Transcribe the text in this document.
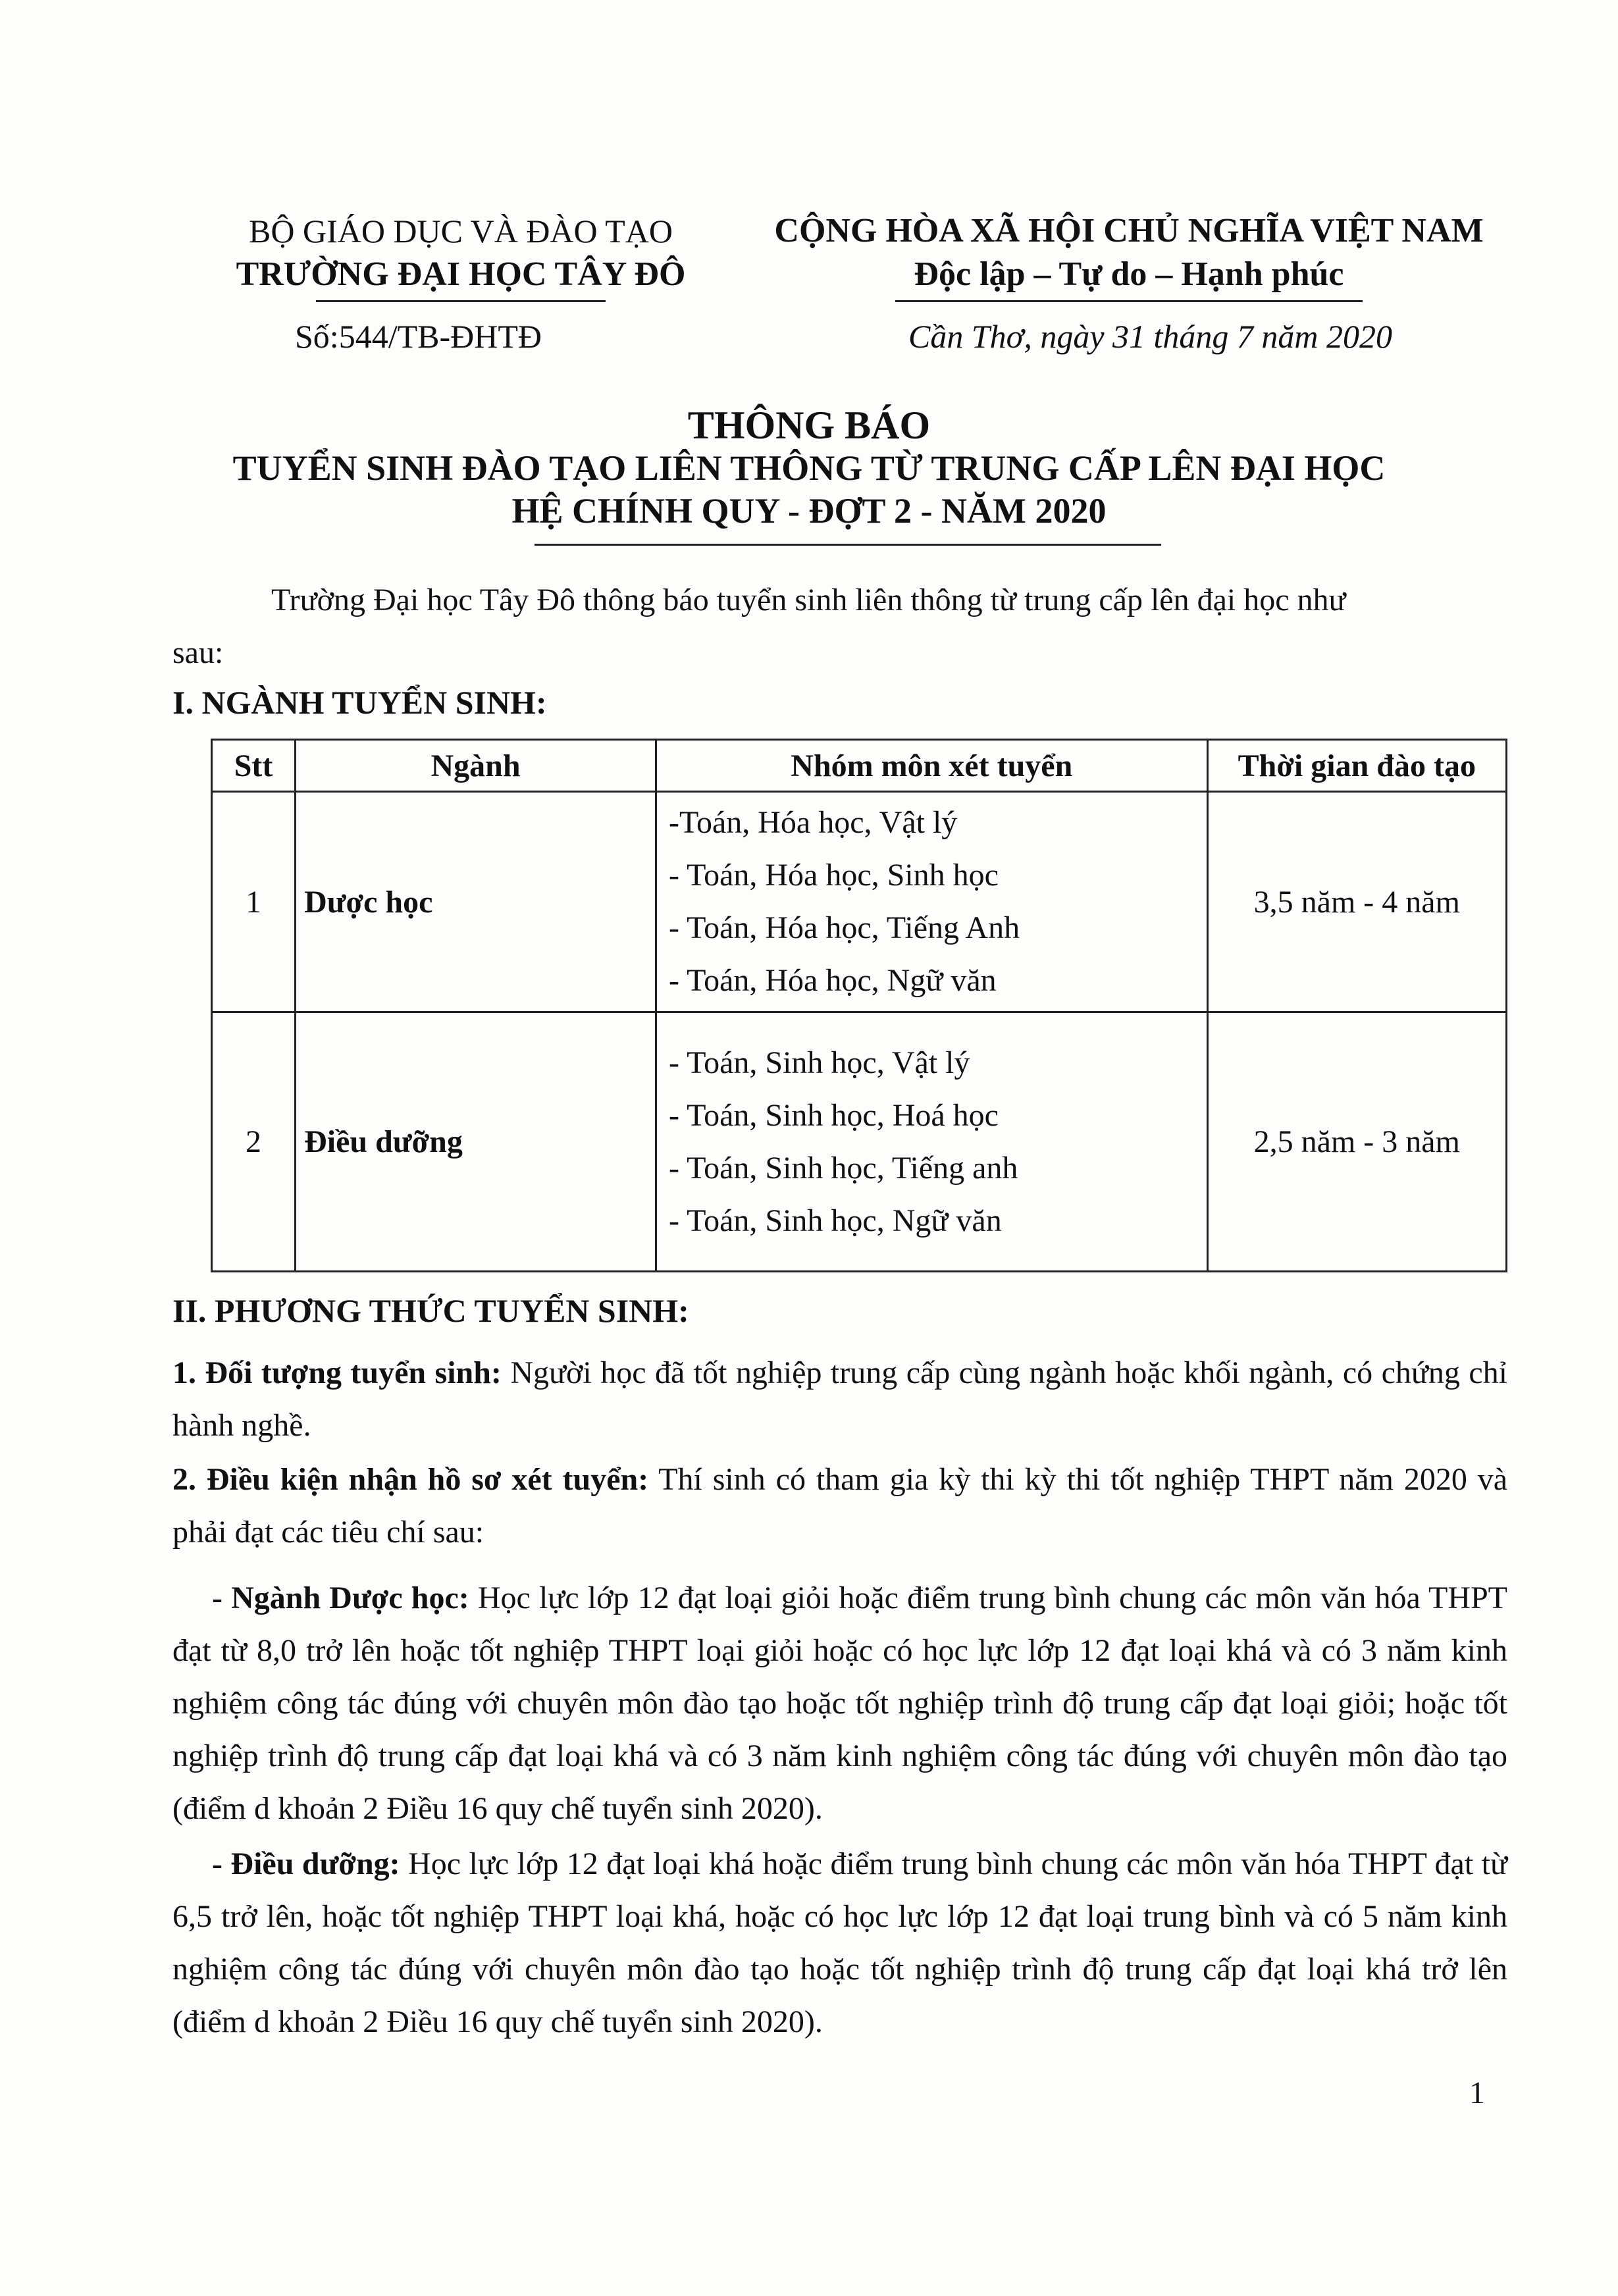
BỘ GIÁO DỤC VÀ ĐÀO TẠO
TRƯỜNG ĐẠI HỌC TÂY ĐÔ
CỘNG HÒA XÃ HỘI CHỦ NGHĨA VIỆT NAM
Độc lập – Tự do – Hạnh phúc
Số:544/TB-ĐHTĐ	Cần Thơ, ngày 31 tháng 7 năm 2020
THÔNG BÁO
TUYỂN SINH ĐÀO TẠO LIÊN THÔNG TỪ TRUNG CẤP LÊN ĐẠI HỌC
HỆ CHÍNH QUY - ĐỢT 2 - NĂM 2020
Trường Đại học Tây Đô thông báo tuyển sinh liên thông từ trung cấp lên đại học như
sau:
I. NGÀNH TUYỂN SINH:
Stt	Ngành	Nhóm môn xét tuyển	Thời gian đào tạo
1	Dược học	-Toán, Hóa học, Vật lý
- Toán, Hóa học, Sinh học
- Toán, Hóa học, Tiếng Anh
- Toán, Hóa học, Ngữ văn	3,5 năm - 4 năm
2	Điều dưỡng	- Toán, Sinh học, Vật lý
- Toán, Sinh học, Hoá học
- Toán, Sinh học, Tiếng anh
- Toán, Sinh học, Ngữ văn	2,5 năm - 3 năm
II. PHƯƠNG THỨC TUYỂN SINH:
1. Đối tượng tuyển sinh: Người học đã tốt nghiệp trung cấp cùng ngành hoặc khối ngành, có chứng chỉ hành nghề.
2. Điều kiện nhận hồ sơ xét tuyển: Thí sinh có tham gia kỳ thi kỳ thi tốt nghiệp THPT năm 2020 và phải đạt các tiêu chí sau:
- Ngành Dược học: Học lực lớp 12 đạt loại giỏi hoặc điểm trung bình chung các môn văn hóa THPT đạt từ 8,0 trở lên hoặc tốt nghiệp THPT loại giỏi hoặc có học lực lớp 12 đạt loại khá và có 3 năm kinh nghiệm công tác đúng với chuyên môn đào tạo hoặc tốt nghiệp trình độ trung cấp đạt loại giỏi; hoặc tốt nghiệp trình độ trung cấp đạt loại khá và có 3 năm kinh nghiệm công tác đúng với chuyên môn đào tạo (điểm d khoản 2 Điều 16 quy chế tuyển sinh 2020).
- Điều dưỡng: Học lực lớp 12 đạt loại khá hoặc điểm trung bình chung các môn văn hóa THPT đạt từ 6,5 trở lên, hoặc tốt nghiệp THPT loại khá, hoặc có học lực lớp 12 đạt loại trung bình và có 5 năm kinh nghiệm công tác đúng với chuyên môn đào tạo hoặc tốt nghiệp trình độ trung cấp đạt loại khá trở lên (điểm d khoản 2 Điều 16 quy chế tuyển sinh 2020).
1
